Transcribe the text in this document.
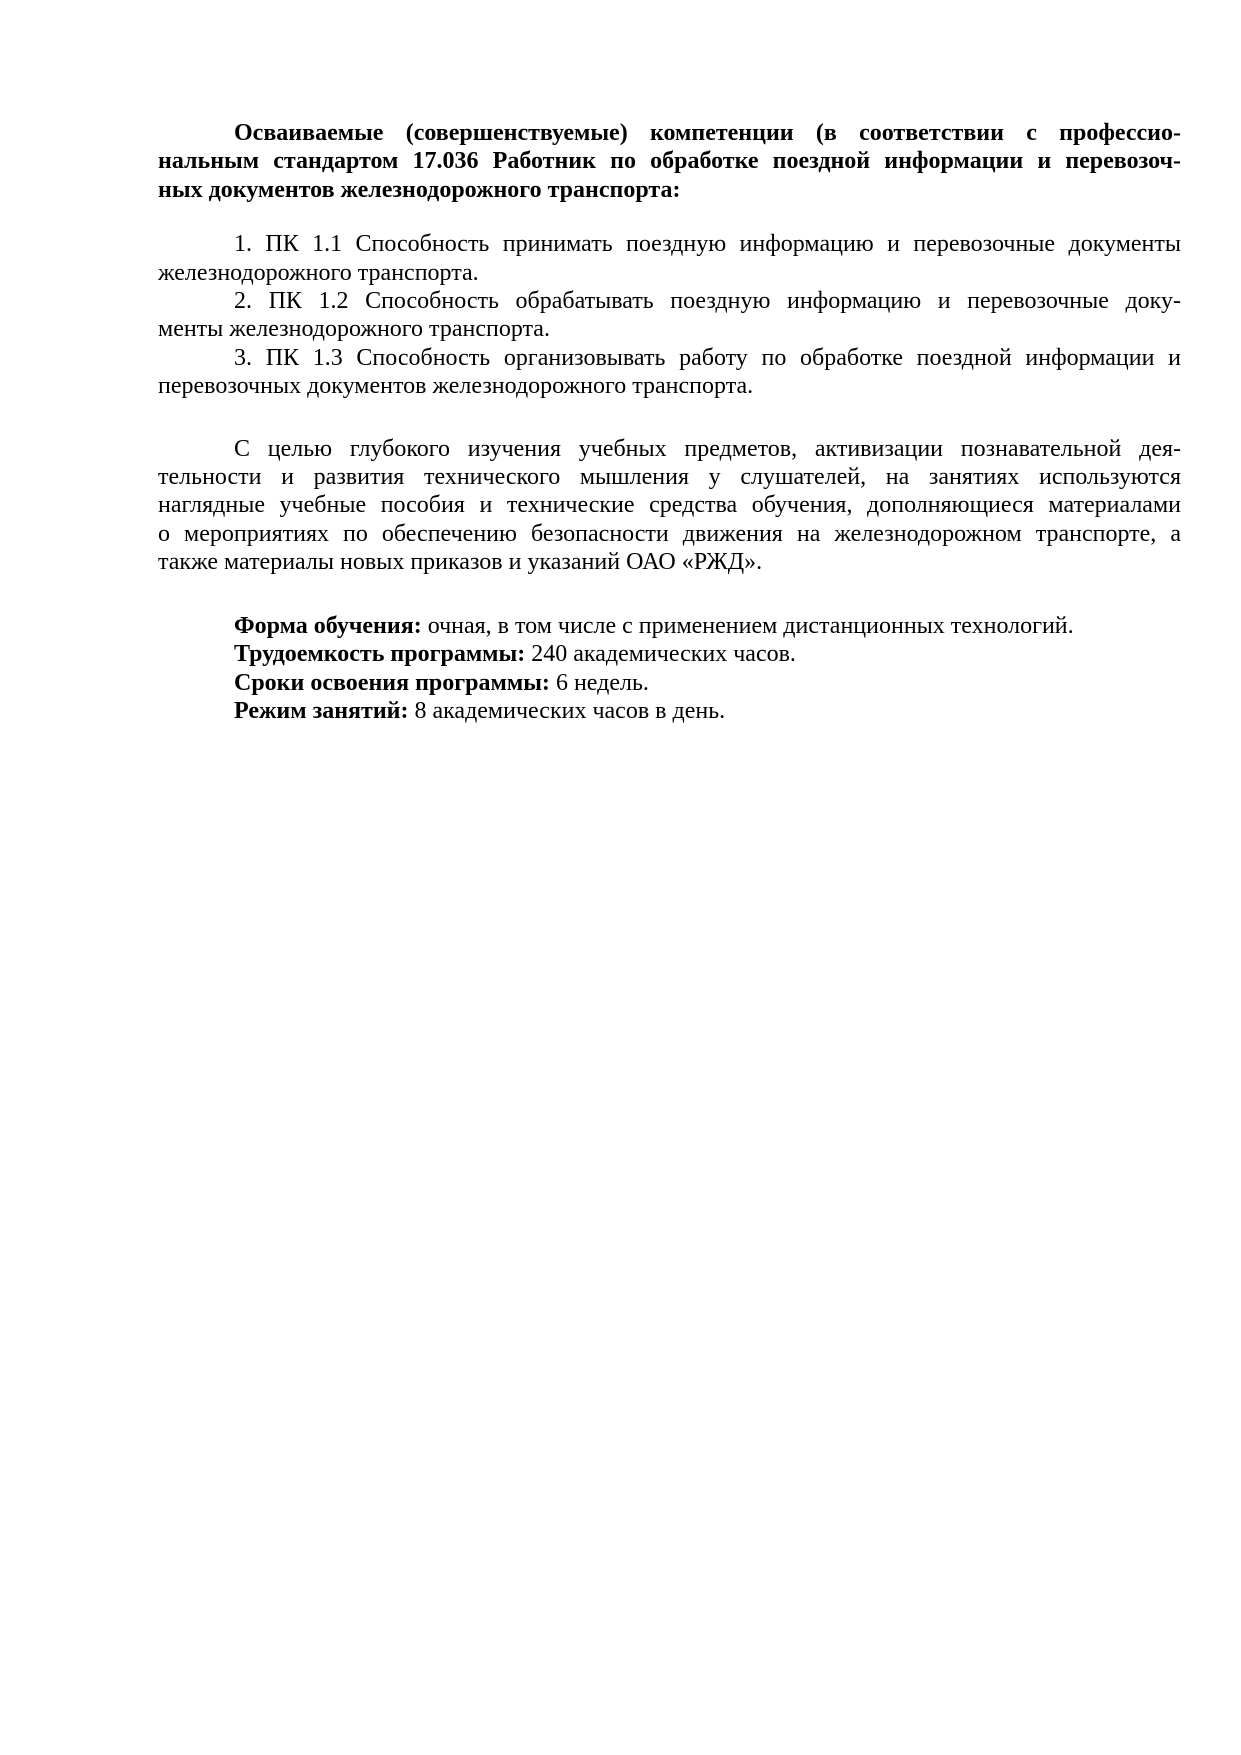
Осваиваемые (совершенствуемые) компетенции (в соответствии с профессио-
нальным стандартом 17.036 Работник по обработке поездной информации и перевозоч-
ных документов железнодорожного транспорта:
1. ПК 1.1 Способность принимать поездную информацию и перевозочные документы
железнодорожного транспорта.
2. ПК 1.2 Способность обрабатывать поездную информацию и перевозочные доку-
менты железнодорожного транспорта.
3. ПК 1.3 Способность организовывать работу по обработке поездной информации и
перевозочных документов железнодорожного транспорта.
С целью глубокого изучения учебных предметов, активизации познавательной дея-
тельности и развития технического мышления у слушателей, на занятиях используются
наглядные учебные пособия и технические средства обучения, дополняющиеся материалами
о мероприятиях по обеспечению безопасности движения на железнодорожном транспорте, а
также материалы новых приказов и указаний ОАО «РЖД».
Форма обучения: очная, в том числе с применением дистанционных технологий.
Трудоемкость программы: 240 академических часов.
Сроки освоения программы: 6 недель.
Режим занятий: 8 академических часов в день.
